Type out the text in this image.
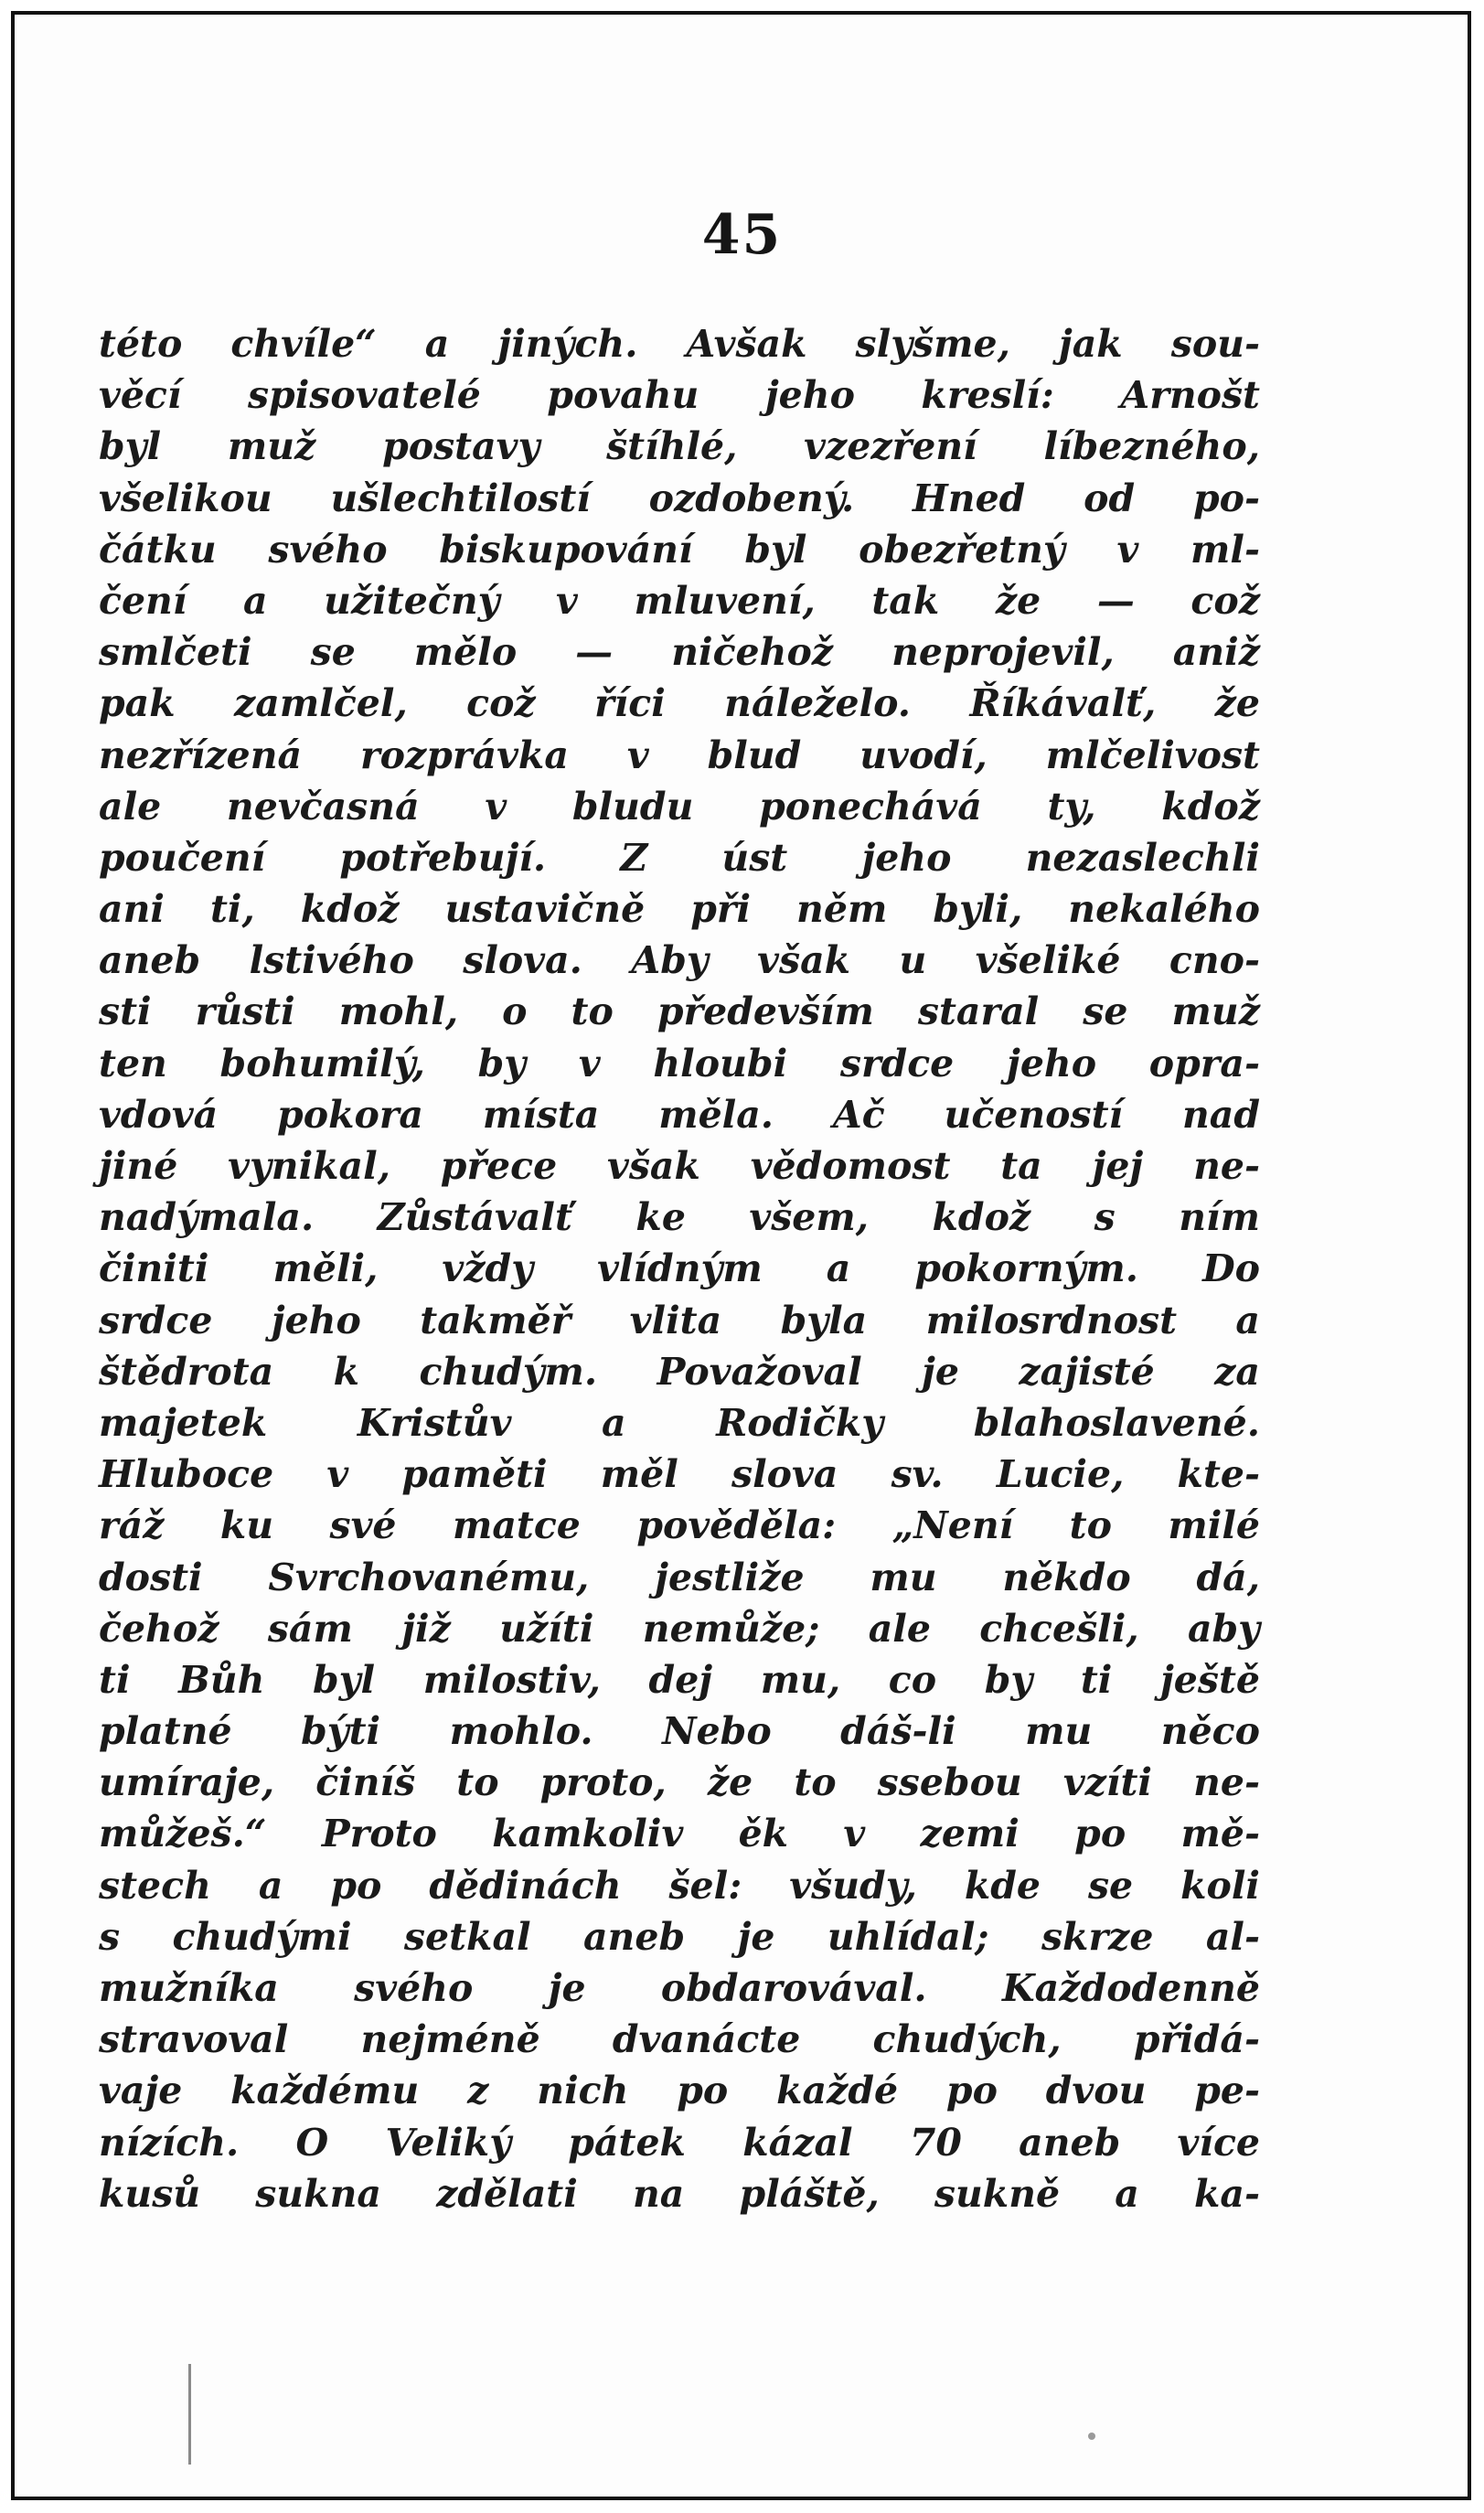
45
této chvíle“ a jiných. Avšak slyšme, jak sou-
věcí spisovatelé povahu jeho kreslí: Arnošt
byl muž postavy štíhlé, vzezření líbezného,
všelikou ušlechtilostí ozdobený. Hned od po-
čátku svého biskupování byl obezřetný v ml-
čení a užitečný v mluvení, tak že — což
smlčeti se mělo — ničehož neprojevil, aniž
pak zamlčel, což říci náleželo. Říkávalť, že
nezřízená rozprávka v blud uvodí, mlčelivost
ale nevčasná v bludu ponechává ty, kdož
poučení potřebují. Z úst jeho nezaslechli
ani ti, kdož ustavičně při něm byli, nekalého
aneb lstivého slova. Aby však u všeliké cno-
sti růsti mohl, o to především staral se muž
ten bohumilý, by v hloubi srdce jeho opra-
vdová pokora místa měla. Ač učeností nad
jiné vynikal, přece však vědomost ta jej ne-
nadýmala. Zůstávalť ke všem, kdož s ním
činiti měli, vždy vlídným a pokorným. Do
srdce jeho takměř vlita byla milosrdnost a
štědrota k chudým. Považoval je zajisté za
majetek Kristův a Rodičky blahoslavené.
Hluboce v paměti měl slova sv. Lucie, kte-
ráž ku své matce pověděla: „Není to milé
dosti Svrchovanému, jestliže mu někdo dá,
čehož sám již užíti nemůže; ale chcešli, aby
ti Bůh byl milostiv, dej mu, co by ti ještě
platné býti mohlo. Nebo dáš-li mu něco
umíraje, činíš to proto, že to ssebou vzíti ne-
můžeš.“ Proto kamkoliv ěk v zemi po mě-
stech a po dědinách šel: všudy, kde se koli
s chudými setkal aneb je uhlídal; skrze al-
mužníka svého je obdarovával. Každodenně
stravoval nejméně dvanácte chudých, přidá-
vaje každému z nich po každé po dvou pe-
nízích. O Veliký pátek kázal 70 aneb více
kusů sukna zdělati na pláště, sukně a ka-
